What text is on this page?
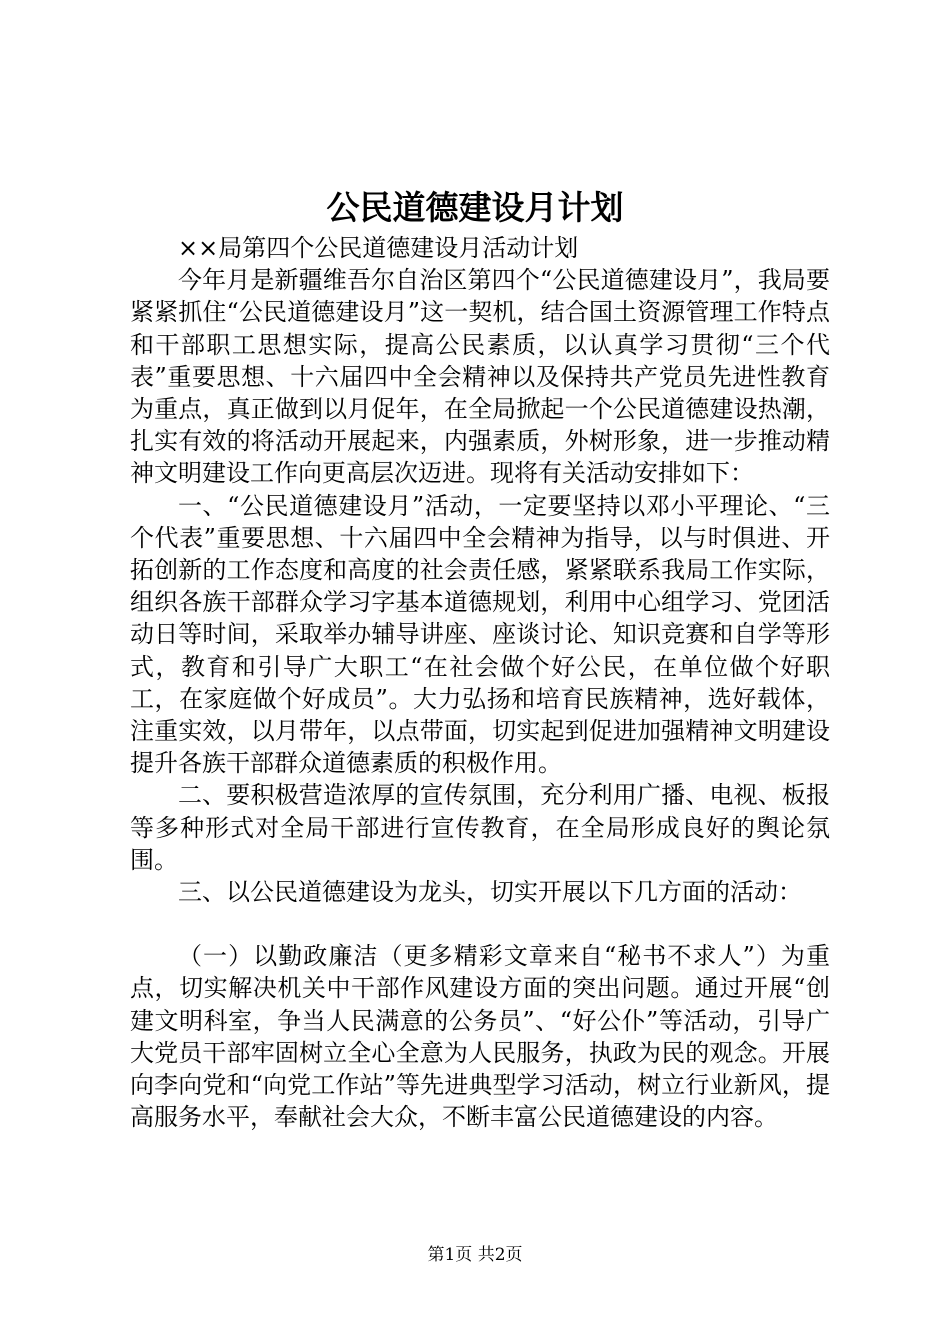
公民道德建设月计划

××局第四个公民道德建设月活动计划

今年月是新疆维吾尔自治区第四个“公民道德建设月”，我局要紧紧抓住“公民道德建设月”这一契机，结合国土资源管理工作特点和干部职工思想实际，提高公民素质，以认真学习贯彻“三个代表”重要思想、十六届四中全会精神以及保持共产党员先进性教育为重点，真正做到以月促年，在全局掀起一个公民道德建设热潮，扎实有效的将活动开展起来，内强素质，外树形象，进一步推动精神文明建设工作向更高层次迈进。现将有关活动安排如下：

一、“公民道德建设月”活动，一定要坚持以邓小平理论、“三个代表”重要思想、十六届四中全会精神为指导，以与时俱进、开拓创新的工作态度和高度的社会责任感，紧紧联系我局工作实际，组织各族干部群众学习字基本道德规划，利用中心组学习、党团活动日等时间，采取举办辅导讲座、座谈讨论、知识竞赛和自学等形式，教育和引导广大职工“在社会做个好公民，在单位做个好职工，在家庭做个好成员”。大力弘扬和培育民族精神，选好载体，注重实效，以月带年，以点带面，切实起到促进加强精神文明建设提升各族干部群众道德素质的积极作用。

二、要积极营造浓厚的宣传氛围，充分利用广播、电视、板报等多种形式对全局干部进行宣传教育，在全局形成良好的舆论氛围。

三、以公民道德建设为龙头，切实开展以下几方面的活动：

（一）以勤政廉洁（更多精彩文章来自“秘书不求人”）为重点，切实解决机关中干部作风建设方面的突出问题。通过开展“创建文明科室，争当人民满意的公务员”、“好公仆”等活动，引导广大党员干部牢固树立全心全意为人民服务，执政为民的观念。开展向李向党和“向党工作站”等先进典型学习活动，树立行业新风，提高服务水平，奉献社会大众，不断丰富公民道德建设的内容。

第1页 共2页
